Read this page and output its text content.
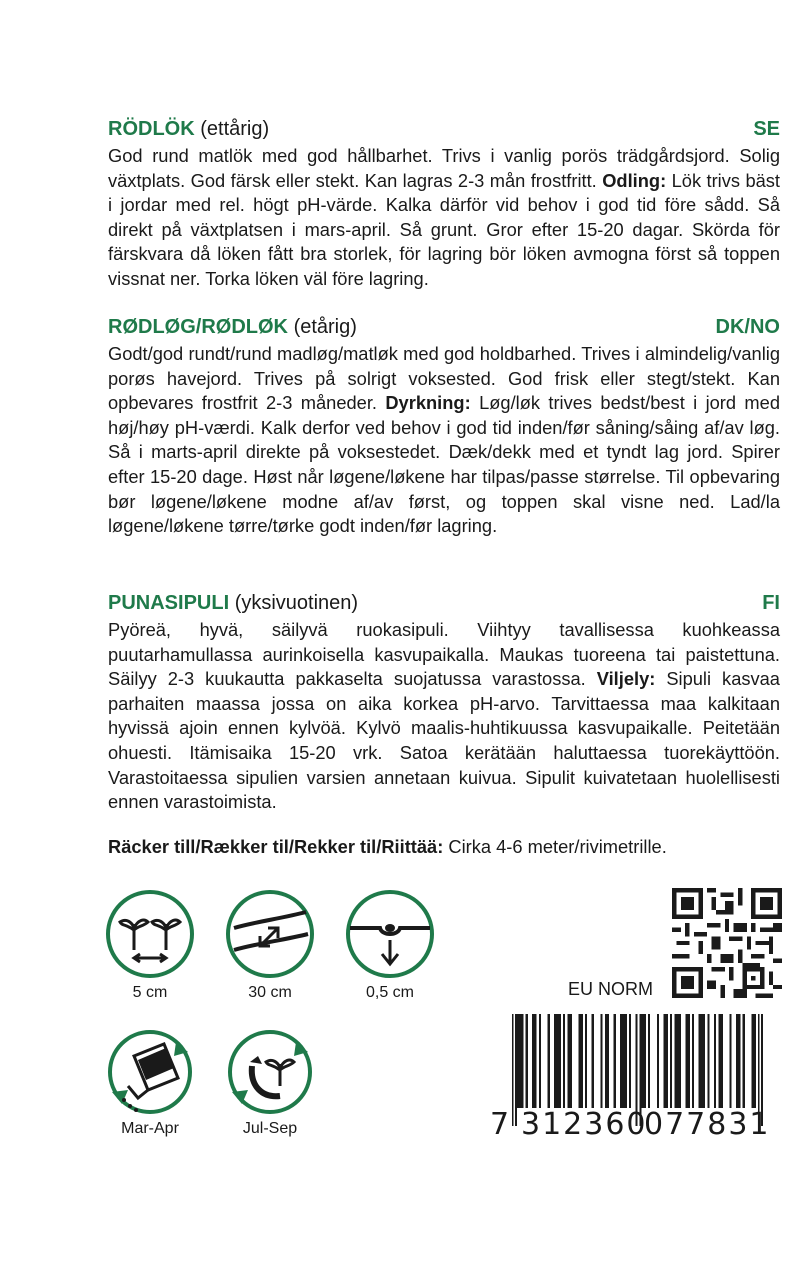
RÖDLÖK (ettårig)	SE

God rund matlök med god hållbarhet. Trivs i vanlig porös trädgårdsjord. Solig växtplats. God färsk eller stekt. Kan lagras 2-3 mån frostfritt. Odling: Lök trivs bäst i jordar med rel. högt pH-värde. Kalka därför vid behov i god tid före sådd. Så direkt på växtplatsen i mars-april. Så grunt. Gror efter 15-20 dagar. Skörda för färskvara då löken fått bra storlek, för lagring bör löken avmogna först så toppen vissnat ner. Torka löken väl före lagring.

RØDLØG/RØDLØK (etårig)	DK/NO

Godt/god rundt/rund madløg/matløk med god holdbarhed. Trives i almindelig/vanlig porøs havejord. Trives på solrigt voksested. God frisk eller stegt/stekt. Kan opbevares frostfrit 2-3 måneder. Dyrkning: Løg/løk trives bedst/best i jord med høj/høy pH-værdi. Kalk derfor ved behov i god tid inden/før såning/såing af/av løg. Så i marts-april direkte på voksestedet. Dæk/dekk med et tyndt lag jord. Spirer efter 15-20 dage. Høst når løgene/løkene har tilpas/passe størrelse. Til opbevaring bør løgene/løkene modne af/av først, og toppen skal visne ned. Lad/la løgene/løkene tørre/tørke godt inden/før lagring.

PUNASIPULI (yksivuotinen)	FI

Pyöreä, hyvä, säilyvä ruokasipuli. Viihtyy tavallisessa kuohkeassa puutarhamullassa aurinkoisella kasvupaikalla. Maukas tuoreena tai paistettuna. Säilyy 2-3 kuukautta pakkaselta suojatussa varastossa. Viljely: Sipuli kasvaa parhaiten maassa jossa on aika korkea pH-arvo. Tarvittaessa maa kalkitaan hyvissä ajoin ennen kylvöä. Kylvö maalis-huhtikuussa kasvupaikalle. Peitetään ohuesti. Itämisaika 15-20 vrk. Satoa kerätään haluttaessa tuorekäyttöön. Varastoitaessa sipulien varsien annetaan kuivua. Sipulit kuivatetaan huolellisesti ennen varastoimista.

Räcker till/Rækker til/Rekker til/Riittää: Cirka 4-6 meter/rivimetrille.
5 cm	30 cm	0,5 cm
Mar-Apr	Jul-Sep
EU NORM
7 312360
077831
